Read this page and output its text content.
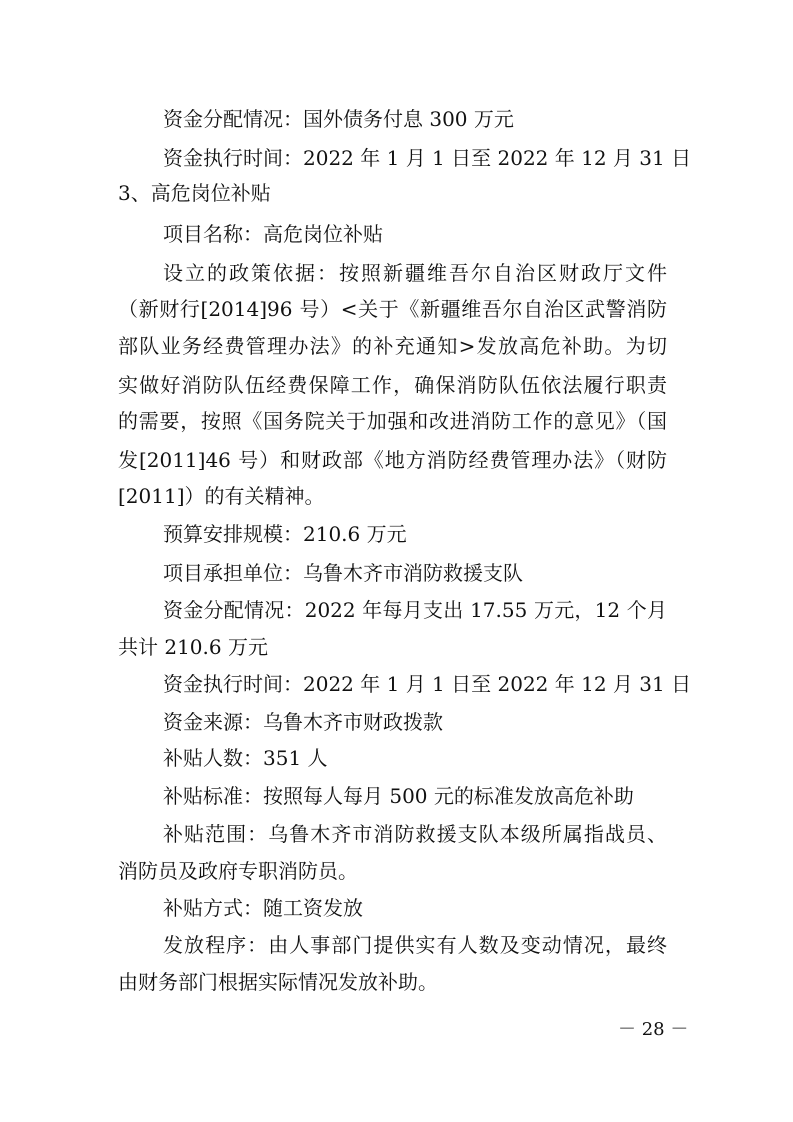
资金分配情况：国外债务付息 300 万元
资金执行时间：2022 年 1 月 1 日至 2022 年 12 月 31 日
3、高危岗位补贴
项目名称：高危岗位补贴
设立的政策依据：按照新疆维吾尔自治区财政厅文件
（新财行[2014]96 号）<关于《新疆维吾尔自治区武警消防
部队业务经费管理办法》的补充通知>发放高危补助。为切
实做好消防队伍经费保障工作，确保消防队伍依法履行职责
的需要，按照《国务院关于加强和改进消防工作的意见》（国
发[2011]46 号）和财政部《地方消防经费管理办法》（财防
[2011]）的有关精神。
预算安排规模：210.6 万元
项目承担单位：乌鲁木齐市消防救援支队
资金分配情况：2022 年每月支出 17.55 万元，12 个月
共计 210.6 万元
资金执行时间：2022 年 1 月 1 日至 2022 年 12 月 31 日
资金来源：乌鲁木齐市财政拨款
补贴人数：351 人
补贴标准：按照每人每月 500 元的标准发放高危补助
补贴范围：乌鲁木齐市消防救援支队本级所属指战员、
消防员及政府专职消防员。
补贴方式：随工资发放
发放程序：由人事部门提供实有人数及变动情况，最终
由财务部门根据实际情况发放补助。
－ 28 －
